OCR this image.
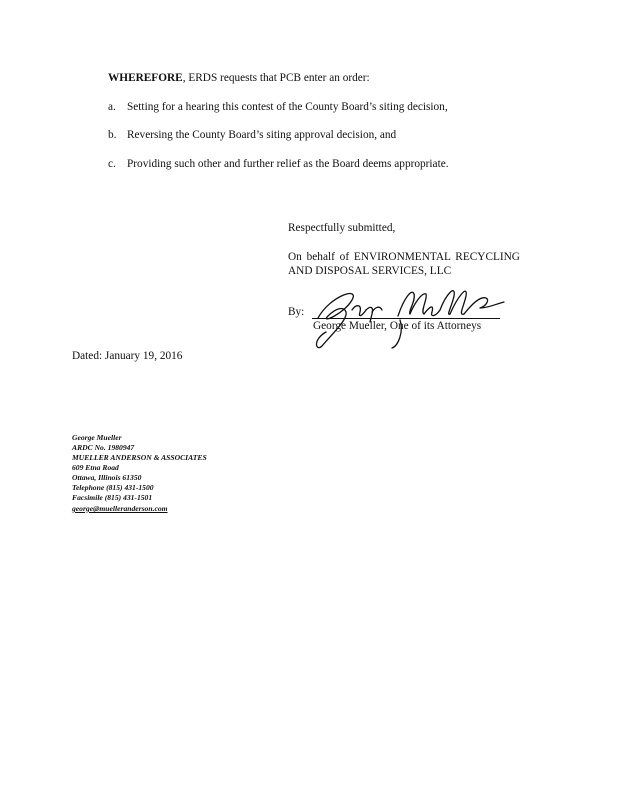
WHEREFORE, ERDS requests that PCB enter an order:
a. Setting for a hearing this contest of the County Board’s siting decision,
b. Reversing the County Board’s siting approval decision, and
c. Providing such other and further relief as the Board deems appropriate.
Respectfully submitted,
On behalf of ENVIRONMENTAL RECYCLING
AND DISPOSAL SERVICES, LLC
By:
George Mueller, One of its Attorneys
Dated: January 19, 2016
George Mueller
ARDC No. 1980947
MUELLER ANDERSON & ASSOCIATES
609 Etna Road
Ottawa, Illinois 61350
Telephone (815) 431-1500
Facsimile (815) 431-1501
george@muelleranderson.com
